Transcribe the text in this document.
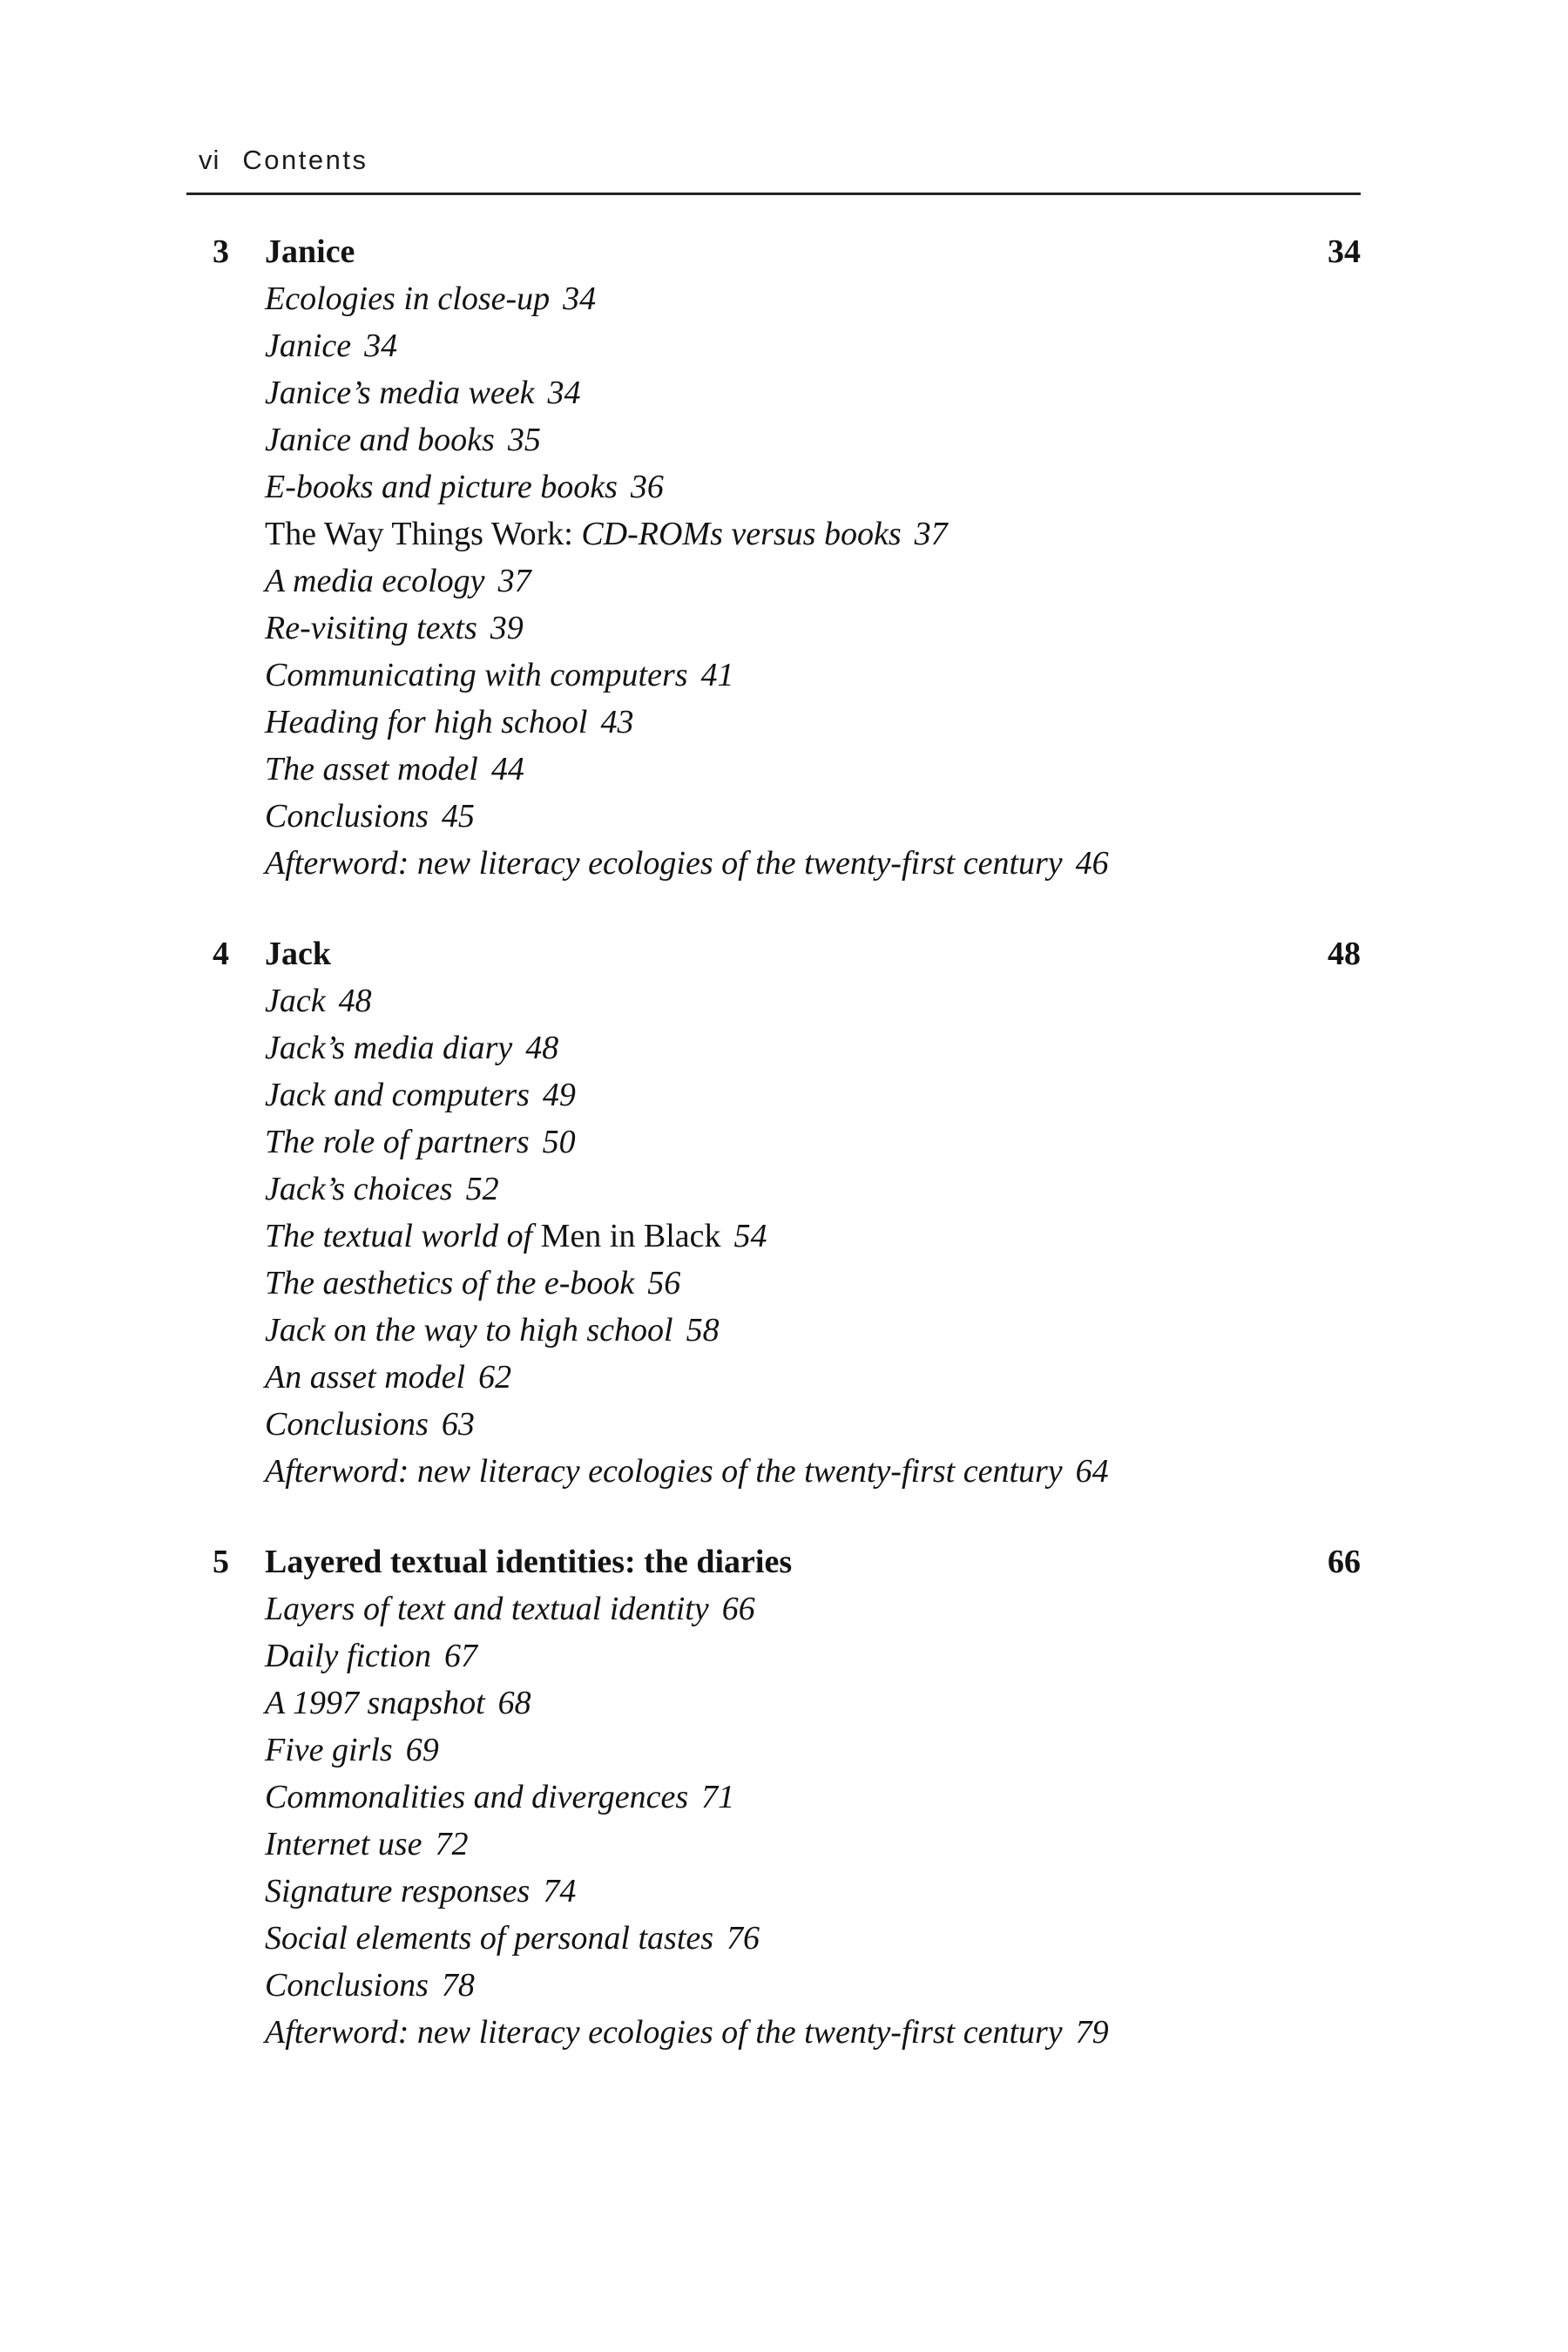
vi Contents
3	Janice	34
Ecologies in close-up 34
Janice 34
Janice’s media week 34
Janice and books 35
E-books and picture books 36
The Way Things Work: CD-ROMs versus books 37
A media ecology 37
Re-visiting texts 39
Communicating with computers 41
Heading for high school 43
The asset model 44
Conclusions 45
Afterword: new literacy ecologies of the twenty-first century 46
4	Jack	48
Jack 48
Jack’s media diary 48
Jack and computers 49
The role of partners 50
Jack’s choices 52
The textual world of Men in Black 54
The aesthetics of the e-book 56
Jack on the way to high school 58
An asset model 62
Conclusions 63
Afterword: new literacy ecologies of the twenty-first century 64
5	Layered textual identities: the diaries	66
Layers of text and textual identity 66
Daily fiction 67
A 1997 snapshot 68
Five girls 69
Commonalities and divergences 71
Internet use 72
Signature responses 74
Social elements of personal tastes 76
Conclusions 78
Afterword: new literacy ecologies of the twenty-first century 79
